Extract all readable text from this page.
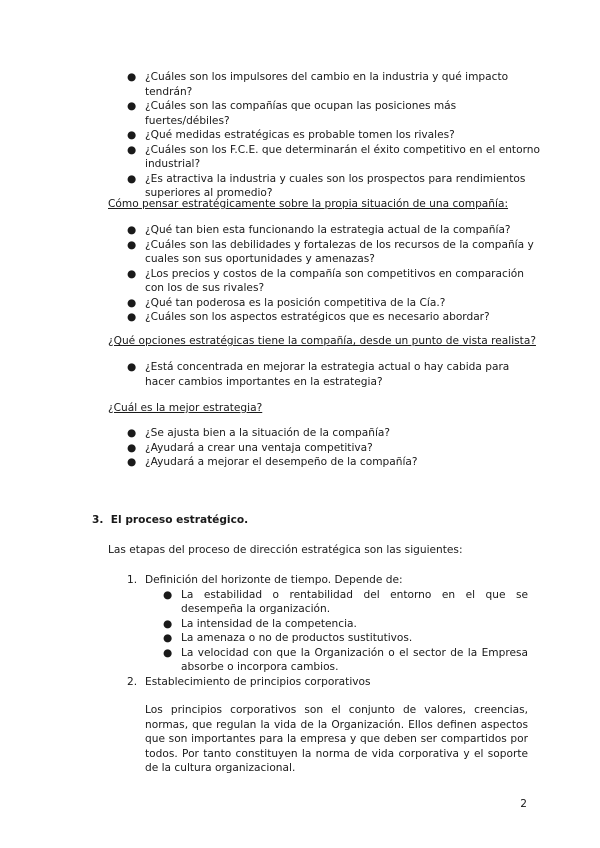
● ¿Cuáles son los impulsores del cambio en la industria y qué impacto tendrán?
● ¿Cuáles son las compañías que ocupan las posiciones más fuertes/débiles?
● ¿Qué medidas estratégicas es probable tomen los rivales?
● ¿Cuáles son los F.C.E. que determinarán el éxito competitivo en el entorno industrial?
● ¿Es atractiva la industria y cuales son los prospectos para rendimientos superiores al promedio?
Cómo pensar estratégicamente sobre la propia situación de una compañía:
● ¿Qué tan bien esta funcionando la estrategia actual de la compañía?
● ¿Cuáles son las debilidades y fortalezas de los recursos de la compañía y cuales son sus oportunidades y amenazas?
● ¿Los precios y costos de la compañía son competitivos en comparación con los de sus rivales?
● ¿Qué tan poderosa es la posición competitiva de la Cía.?
● ¿Cuáles son los aspectos estratégicos que es necesario abordar?
¿Qué opciones estratégicas tiene la compañía, desde un punto de vista realista?
● ¿Está concentrada en mejorar la estrategia actual o hay cabida para hacer cambios importantes en la estrategia?
¿Cuál es la mejor estrategia?
● ¿Se ajusta bien a la situación de la compañía?
● ¿Ayudará a crear una ventaja competitiva?
● ¿Ayudará a mejorar el desempeño de la compañía?
3. El proceso estratégico.
Las etapas del proceso de dirección estratégica son las siguientes:
1. Definición del horizonte de tiempo. Depende de:
● La estabilidad o rentabilidad del entorno en el que se desempeña la organización.
● La intensidad de la competencia.
● La amenaza o no de productos sustitutivos.
● La velocidad con que la Organización o el sector de la Empresa absorbe o incorpora cambios.
2. Establecimiento de principios corporativos
Los principios corporativos son el conjunto de valores, creencias, normas, que regulan la vida de la Organización. Ellos definen aspectos que son importantes para la empresa y que deben ser compartidos por todos. Por tanto constituyen la norma de vida corporativa y el soporte de la cultura organizacional.
2
